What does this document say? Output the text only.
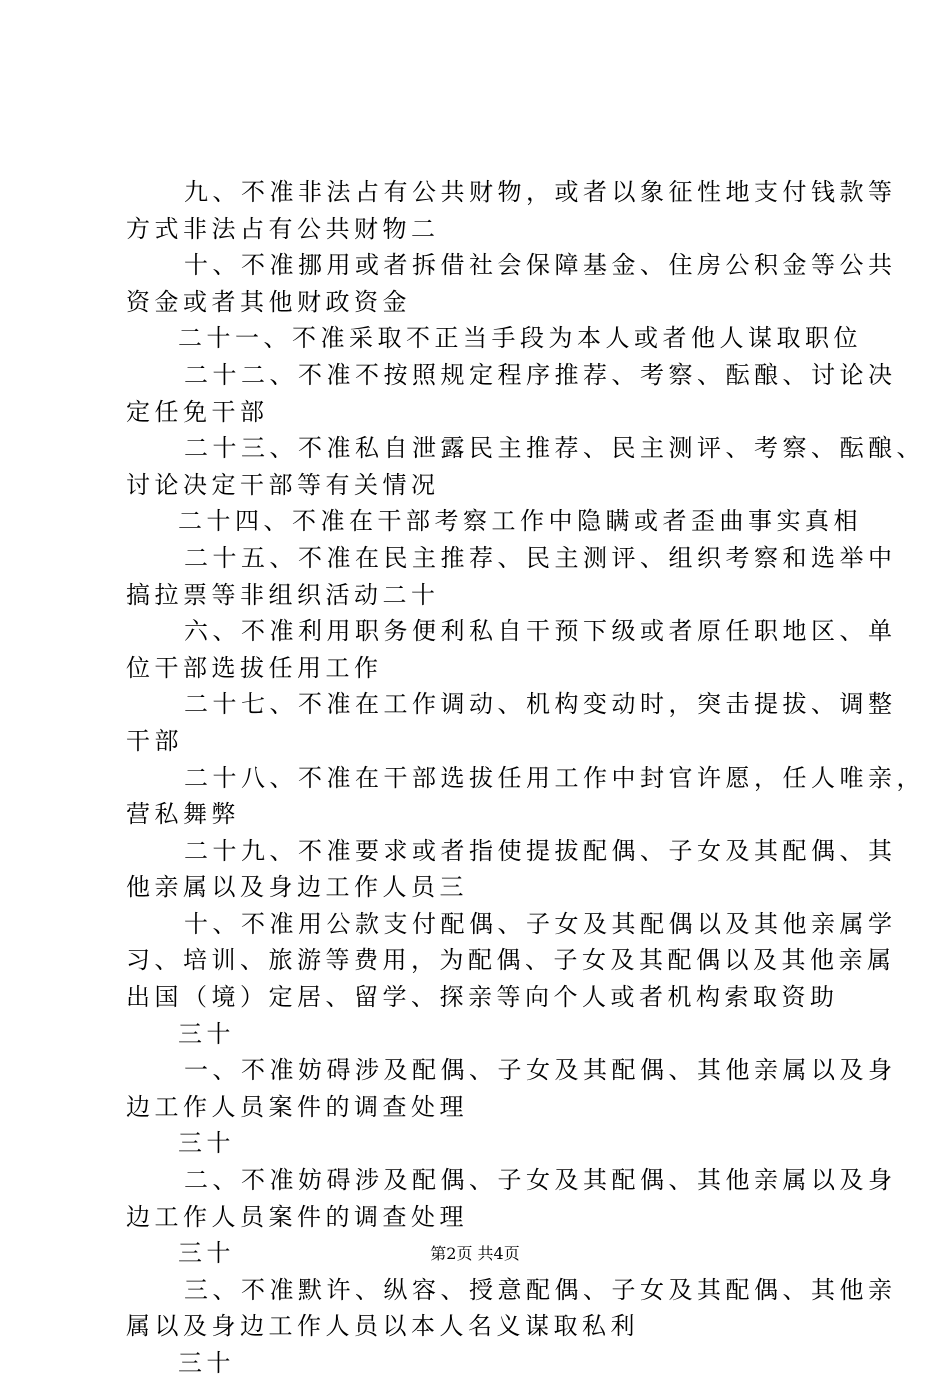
九、不准非法占有公共财物，或者以象征性地支付钱款等
方式非法占有公共财物二
十、不准挪用或者拆借社会保障基金、住房公积金等公共
资金或者其他财政资金
二十一、不准采取不正当手段为本人或者他人谋取职位
二十二、不准不按照规定程序推荐、考察、酝酿、讨论决
定任免干部
二十三、不准私自泄露民主推荐、民主测评、考察、酝酿、
讨论决定干部等有关情况
二十四、不准在干部考察工作中隐瞒或者歪曲事实真相
二十五、不准在民主推荐、民主测评、组织考察和选举中
搞拉票等非组织活动二十
六、不准利用职务便利私自干预下级或者原任职地区、单
位干部选拔任用工作
二十七、不准在工作调动、机构变动时，突击提拔、调整
干部
二十八、不准在干部选拔任用工作中封官许愿，任人唯亲，
营私舞弊
二十九、不准要求或者指使提拔配偶、子女及其配偶、其
他亲属以及身边工作人员三
十、不准用公款支付配偶、子女及其配偶以及其他亲属学
习、培训、旅游等费用，为配偶、子女及其配偶以及其他亲属
出国（境）定居、留学、探亲等向个人或者机构索取资助
三十
一、不准妨碍涉及配偶、子女及其配偶、其他亲属以及身
边工作人员案件的调查处理
三十
二、不准妨碍涉及配偶、子女及其配偶、其他亲属以及身
边工作人员案件的调查处理
三十
三、不准默许、纵容、授意配偶、子女及其配偶、其他亲
属以及身边工作人员以本人名义谋取私利
三十
第2页 共4页
